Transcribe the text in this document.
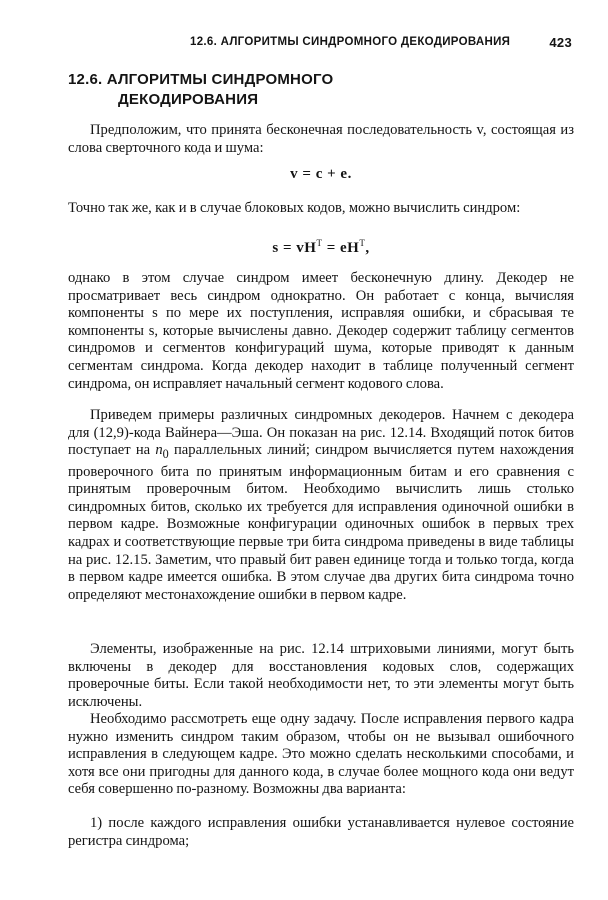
12.6. АЛГОРИТМЫ СИНДРОМНОГО ДЕКОДИРОВАНИЯ	423
12.6. АЛГОРИТМЫ СИНДРОМНОГО
ДЕКОДИРОВАНИЯ
Предположим, что принята бесконечная последовательность v, состоящая из слова сверточного кода и шума:
v = c + e.
Точно так же, как и в случае блоковых кодов, можно вычислить синдром:
$s = vH^T = eH^T$,
однако в этом случае синдром имеет бесконечную длину. Декодер не просматривает весь синдром однократно. Он работает с конца, вычисляя компоненты s по мере их поступления, исправляя ошибки, и сбрасывая те компоненты s, которые вычислены давно. Декодер содержит таблицу сегментов синдромов и сегментов конфигураций шума, которые приводят к данным сегментам синдрома. Когда декодер находит в таблице полученный сегмент синдрома, он исправляет начальный сегмент кодового слова.
Приведем примеры различных синдромных декодеров. Начнем с декодера для (12,9)-кода Вайнера—Эша. Он показан на рис. 12.14. Входящий поток битов поступает на $n_0$ параллельных линий; синдром вычисляется путем нахождения проверочного бита по принятым информационным битам и его сравнения с принятым проверочным битом. Необходимо вычислить лишь столько синдромных битов, сколько их требуется для исправления одиночной ошибки в первом кадре. Возможные конфигурации одиночных ошибок в первых трех кадрах и соответствующие первые три бита синдрома приведены в виде таблицы на рис. 12.15. Заметим, что правый бит равен единице тогда и только тогда, когда в первом кадре имеется ошибка. В этом случае два других бита синдрома точно определяют местонахождение ошибки в первом кадре.
Элементы, изображенные на рис. 12.14 штриховыми линиями, могут быть включены в декодер для восстановления кодовых слов, содержащих проверочные биты. Если такой необходимости нет, то эти элементы могут быть исключены.
Необходимо рассмотреть еще одну задачу. После исправления первого кадра нужно изменить синдром таким образом, чтобы он не вызывал ошибочного исправления в следующем кадре. Это можно сделать несколькими способами, и хотя все они пригодны для данного кода, в случае более мощного кода они ведут себя совершенно по-разному. Возможны два варианта:
1) после каждого исправления ошибки устанавливается нулевое состояние регистра синдрома;
